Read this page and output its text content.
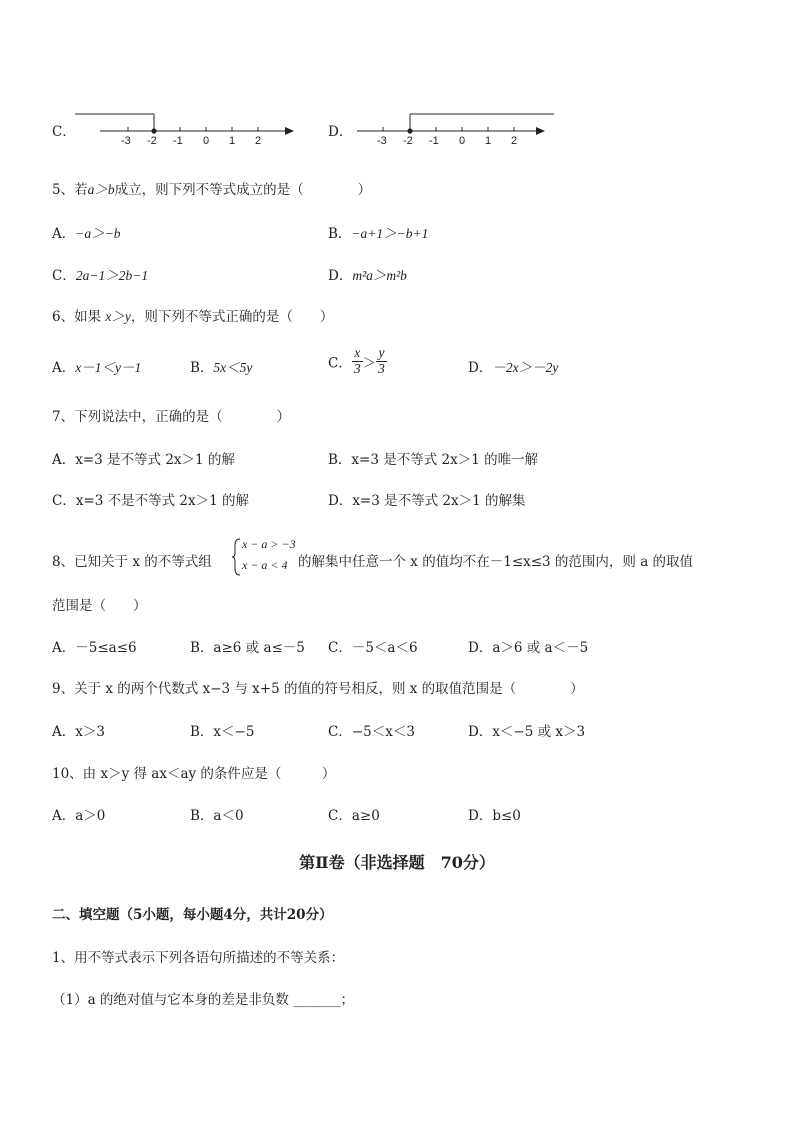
C．
-3 -2 -1 0 1 2
D．
-3 -2 -1 0 1 2
5、若a＞b成立，则下列不等式成立的是（　　　　）
A．−a＞−b	B．−a+1＞−b+1
C．2a−1＞2b−1	D．m²a＞m²b
6、如果 x＞y，则下列不等式正确的是（　　）
A．x－1＜y－1	B．5x＜5y	C． $\frac{x}{3} > \frac{y}{3}$	D．－2x＞－2y
7、下列说法中，正确的是（　　　　）
A．x=3 是不等式 2x＞1 的解	B．x=3 是不等式 2x＞1 的唯一解
C．x=3 不是不等式 2x＞1 的解	D．x=3 是不等式 2x＞1 的解集
8、已知关于 x 的不等式组
x − a > −3
x − a < 4 的解集中任意一个 x 的值均不在－1≤x≤3 的范围内，则 a 的取值
范围是（　　）
A．－5≤a≤6	B．a≥6 或 a≤－5 C．－5＜a＜6	D．a＞6 或 a＜－5
9、关于 x 的两个代数式 x−3 与 x+5 的值的符号相反，则 x 的取值范围是（　　　　）
A．x＞3	B．x＜−5	C．−5＜x＜3	D．x＜−5 或 x＞3
10、由 x＞y 得 ax＜ay 的条件应是（　　　）
A．a＞0	B．a＜0	C．a≥0	D．b≤0
第Ⅱ卷（非选择题　70分）
二、填空题（5小题，每小题4分，共计20分）
1、用不等式表示下列各语句所描述的不等关系：
（1）a 的绝对值与它本身的差是非负数 _______；
